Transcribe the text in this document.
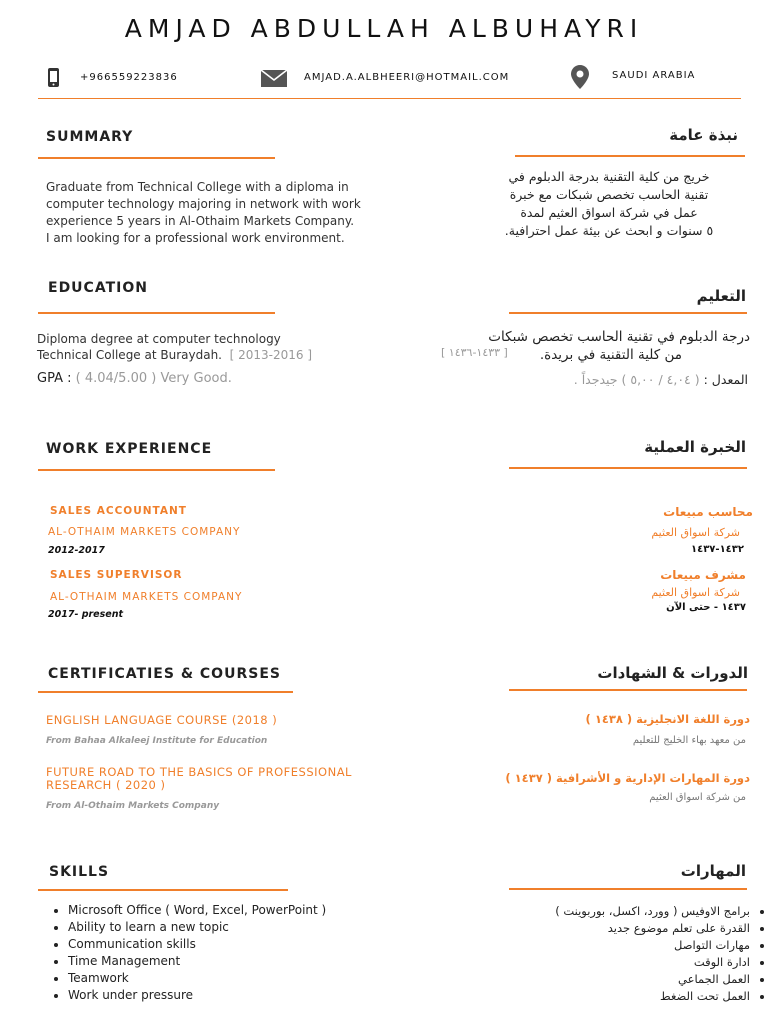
AMJAD ABDULLAH ALBUHAYRI
+966559223836	AMJAD.A.ALBHEERI@HOTMAIL.COM	SAUDI ARABIA
SUMMARY	نبذة عامة
Graduate from Technical College with a diploma in
computer technology majoring in network with work
experience 5 years in Al-Othaim Markets Company.
I am looking for a professional work environment.
خريج من كلية التقنية بدرجة الدبلوم في
تقنية الحاسب تخصص شبكات مع خبرة
عمل في شركة اسواق العثيم لمدة
٥ سنوات و ابحث عن بيئة عمل احترافية.
EDUCATION	التعليم
Diploma degree at computer technology
Technical College at Buraydah. [ 2013-2016 ]
GPA : ( 4.04/5.00 ) Very Good.
درجة الدبلوم في تقنية الحاسب تخصص شبكات
من كلية التقنية في بريدة.
[ ١٤٣٣-١٤٣٦ ]
المعدل : ( ٤,٠٤ / ٥,٠٠ ) جيدجداً .
WORK EXPERIENCE	الخبرة العملية
SALES ACCOUNTANT
AL-OTHAIM MARKETS COMPANY
2012-2017
SALES SUPERVISOR
AL-OTHAIM MARKETS COMPANY
2017- present
محاسب مبيعات
شركة اسواق العثيم
١٤٣٢-١٤٣٧
مشرف مبيعات
شركة اسواق العثيم
١٤٣٧ - حتى الآن
CERTIFICATIES & COURSES	الدورات & الشهادات
ENGLISH LANGUAGE COURSE (2018 )
From Bahaa Alkaleej Institute for Education
FUTURE ROAD TO THE BASICS OF PROFESSIONAL RESEARCH ( 2020 )
From Al-Othaim Markets Company
دورة اللغة الانجليزية ( ١٤٣٨ )
من معهد بهاء الخليج للتعليم
دورة المهارات الإدارية و الأشرافية ( ١٤٣٧ )
من شركة اسواق العثيم
SKILLS	المهارات
• Microsoft Office ( Word, Excel, PowerPoint )
• Ability to learn a new topic
• Communication skills
• Time Management
• Teamwork
• Work under pressure
• برامج الاوفيس ( وورد، اكسل، بوربوينت )
• القدرة على تعلم موضوع جديد
• مهارات التواصل
• ادارة الوقت
• العمل الجماعي
• العمل تحت الضغط
